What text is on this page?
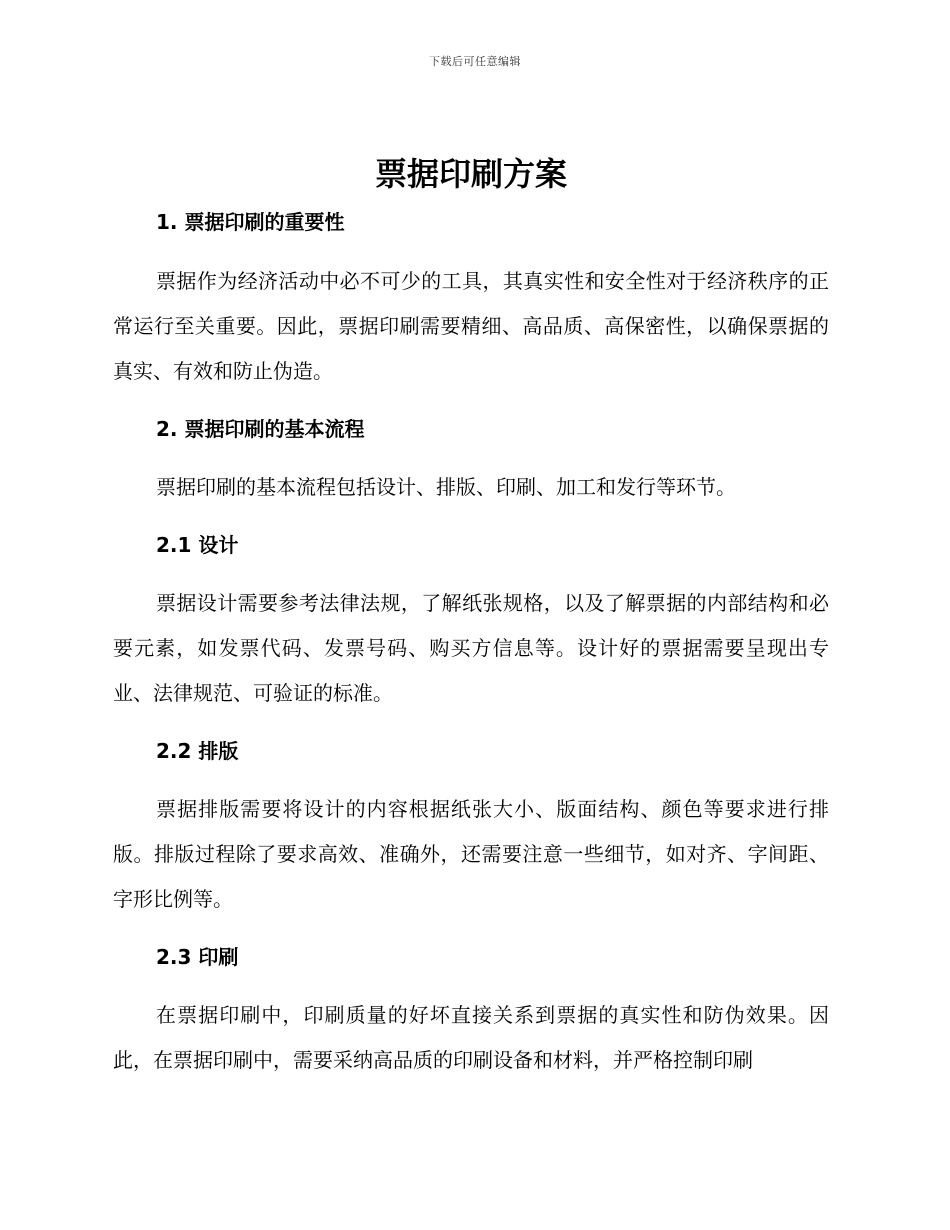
下载后可任意编辑
票据印刷方案
1. 票据印刷的重要性

票据作为经济活动中必不可少的工具，其真实性和安全性对于经济秩序的正常运行至关重要。因此，票据印刷需要精细、高品质、高保密性，以确保票据的真实、有效和防止伪造。

2. 票据印刷的基本流程

票据印刷的基本流程包括设计、排版、印刷、加工和发行等环节。

2.1 设计

票据设计需要参考法律法规，了解纸张规格，以及了解票据的内部结构和必要元素，如发票代码、发票号码、购买方信息等。设计好的票据需要呈现出专业、法律规范、可验证的标准。

2.2 排版

票据排版需要将设计的内容根据纸张大小、版面结构、颜色等要求进行排版。排版过程除了要求高效、准确外，还需要注意一些细节，如对齐、字间距、字形比例等。

2.3 印刷

在票据印刷中，印刷质量的好坏直接关系到票据的真实性和防伪效果。因此，在票据印刷中，需要采纳高品质的印刷设备和材料，并严格控制印刷
